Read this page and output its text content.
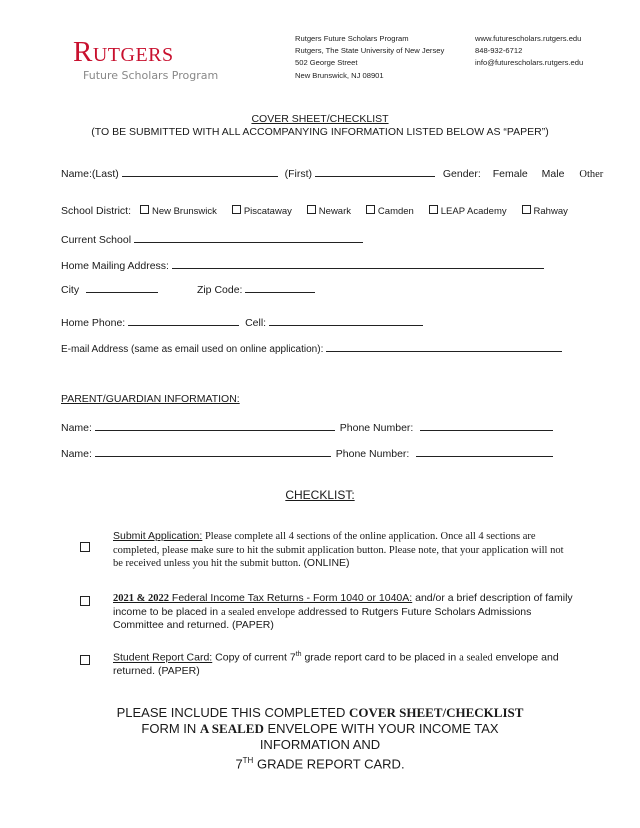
Rutgers
Future Scholars Program
Rutgers Future Scholars Program
Rutgers, The State University of New Jersey
502 George Street
New Brunswick, NJ 08901
www.futurescholars.rutgers.edu
848-932-6712
info@futurescholars.rutgers.edu
COVER SHEET/CHECKLIST
(TO BE SUBMITTED WITH ALL ACCOMPANYING INFORMATION LISTED BELOW AS “PAPER”)
Name:(Last)	(First)	Gender: Female Male Other
School District: New Brunswick	Piscataway	Newark	Camden	LEAP Academy	Rahway
Current School
Home Mailing Address:
City	Zip Code:
Home Phone:	Cell:
E-mail Address (same as email used on online application):
PARENT/GUARDIAN INFORMATION:
Name:	Phone Number:
Name:	Phone Number:
CHECKLIST:
Submit Application: Please complete all 4 sections of the online application. Once all 4 sections are completed, please make sure to hit the submit application button. Please note, that your application will not be received unless you hit the submit button. (ONLINE)
2021 & 2022 Federal Income Tax Returns - Form 1040 or 1040A: and/or a brief description of family income to be placed in a sealed envelope addressed to Rutgers Future Scholars Admissions Committee and returned. (PAPER)
Student Report Card: Copy of current 7th grade report card to be placed in a sealed envelope and returned. (PAPER)
PLEASE INCLUDE THIS COMPLETED COVER SHEET/CHECKLIST
FORM IN A SEALED ENVELOPE WITH YOUR INCOME TAX
INFORMATION AND
7TH GRADE REPORT CARD.
